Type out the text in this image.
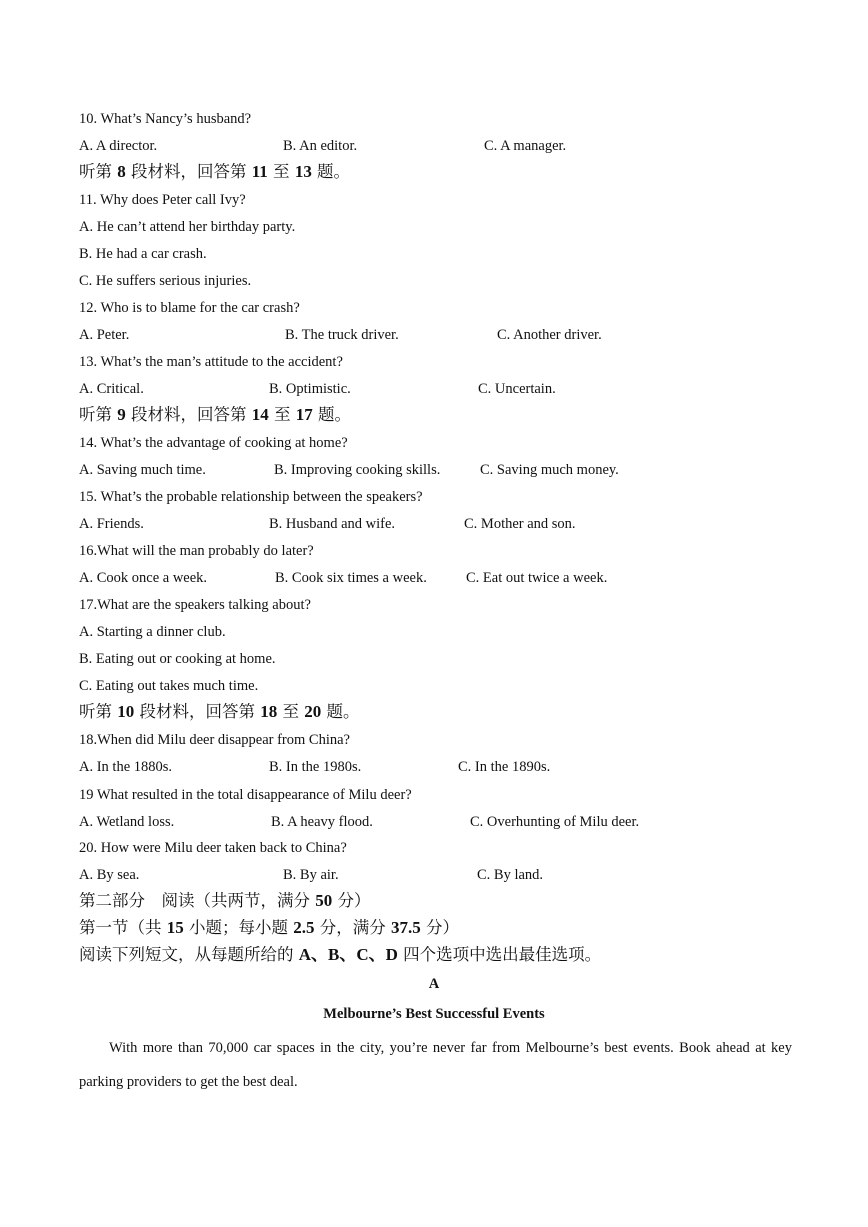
10. What’s Nancy’s husband?
A. A director.	B. An editor.	C. A manager.
听第 8 段材料，回答第 11 至 13 题。
11. Why does Peter call Ivy?
A. He can’t attend her birthday party.
B. He had a car crash.
C. He suffers serious injuries.
12. Who is to blame for the car crash?
A. Peter.	B. The truck driver.	C. Another driver.
13. What’s the man’s attitude to the accident?
A. Critical.	B. Optimistic.	C. Uncertain.
听第 9 段材料，回答第 14 至 17 题。
14. What’s the advantage of cooking at home?
A. Saving much time.	B. Improving cooking skills.	C. Saving much money.
15. What’s the probable relationship between the speakers?
A. Friends.	B. Husband and wife.	C. Mother and son.
16.What will the man probably do later?
A. Cook once a week.	B. Cook six times a week.	C. Eat out twice a week.
17.What are the speakers talking about?
A. Starting a dinner club.
B. Eating out or cooking at home.
C. Eating out takes much time.
听第 10 段材料，回答第 18 至 20 题。
18.When did Milu deer disappear from China?
A. In the 1880s.	B. In the 1980s.	C. In the 1890s.
19 What resulted in the total disappearance of Milu deer?
A. Wetland loss.	B. A heavy flood.	C. Overhunting of Milu deer.
20. How were Milu deer taken back to China?
A. By sea.	B. By air.	C. By land.
第二部分　阅读（共两节，满分 50 分）
第一节（共 15 小题；每小题 2.5 分，满分 37.5 分）
阅读下列短文，从每题所给的 A、B、C、D 四个选项中选出最佳选项。
A
Melbourne’s Best Successful Events
With more than 70,000 car spaces in the city, you’re never far from Melbourne’s best events. Book ahead at key parking providers to get the best deal.
